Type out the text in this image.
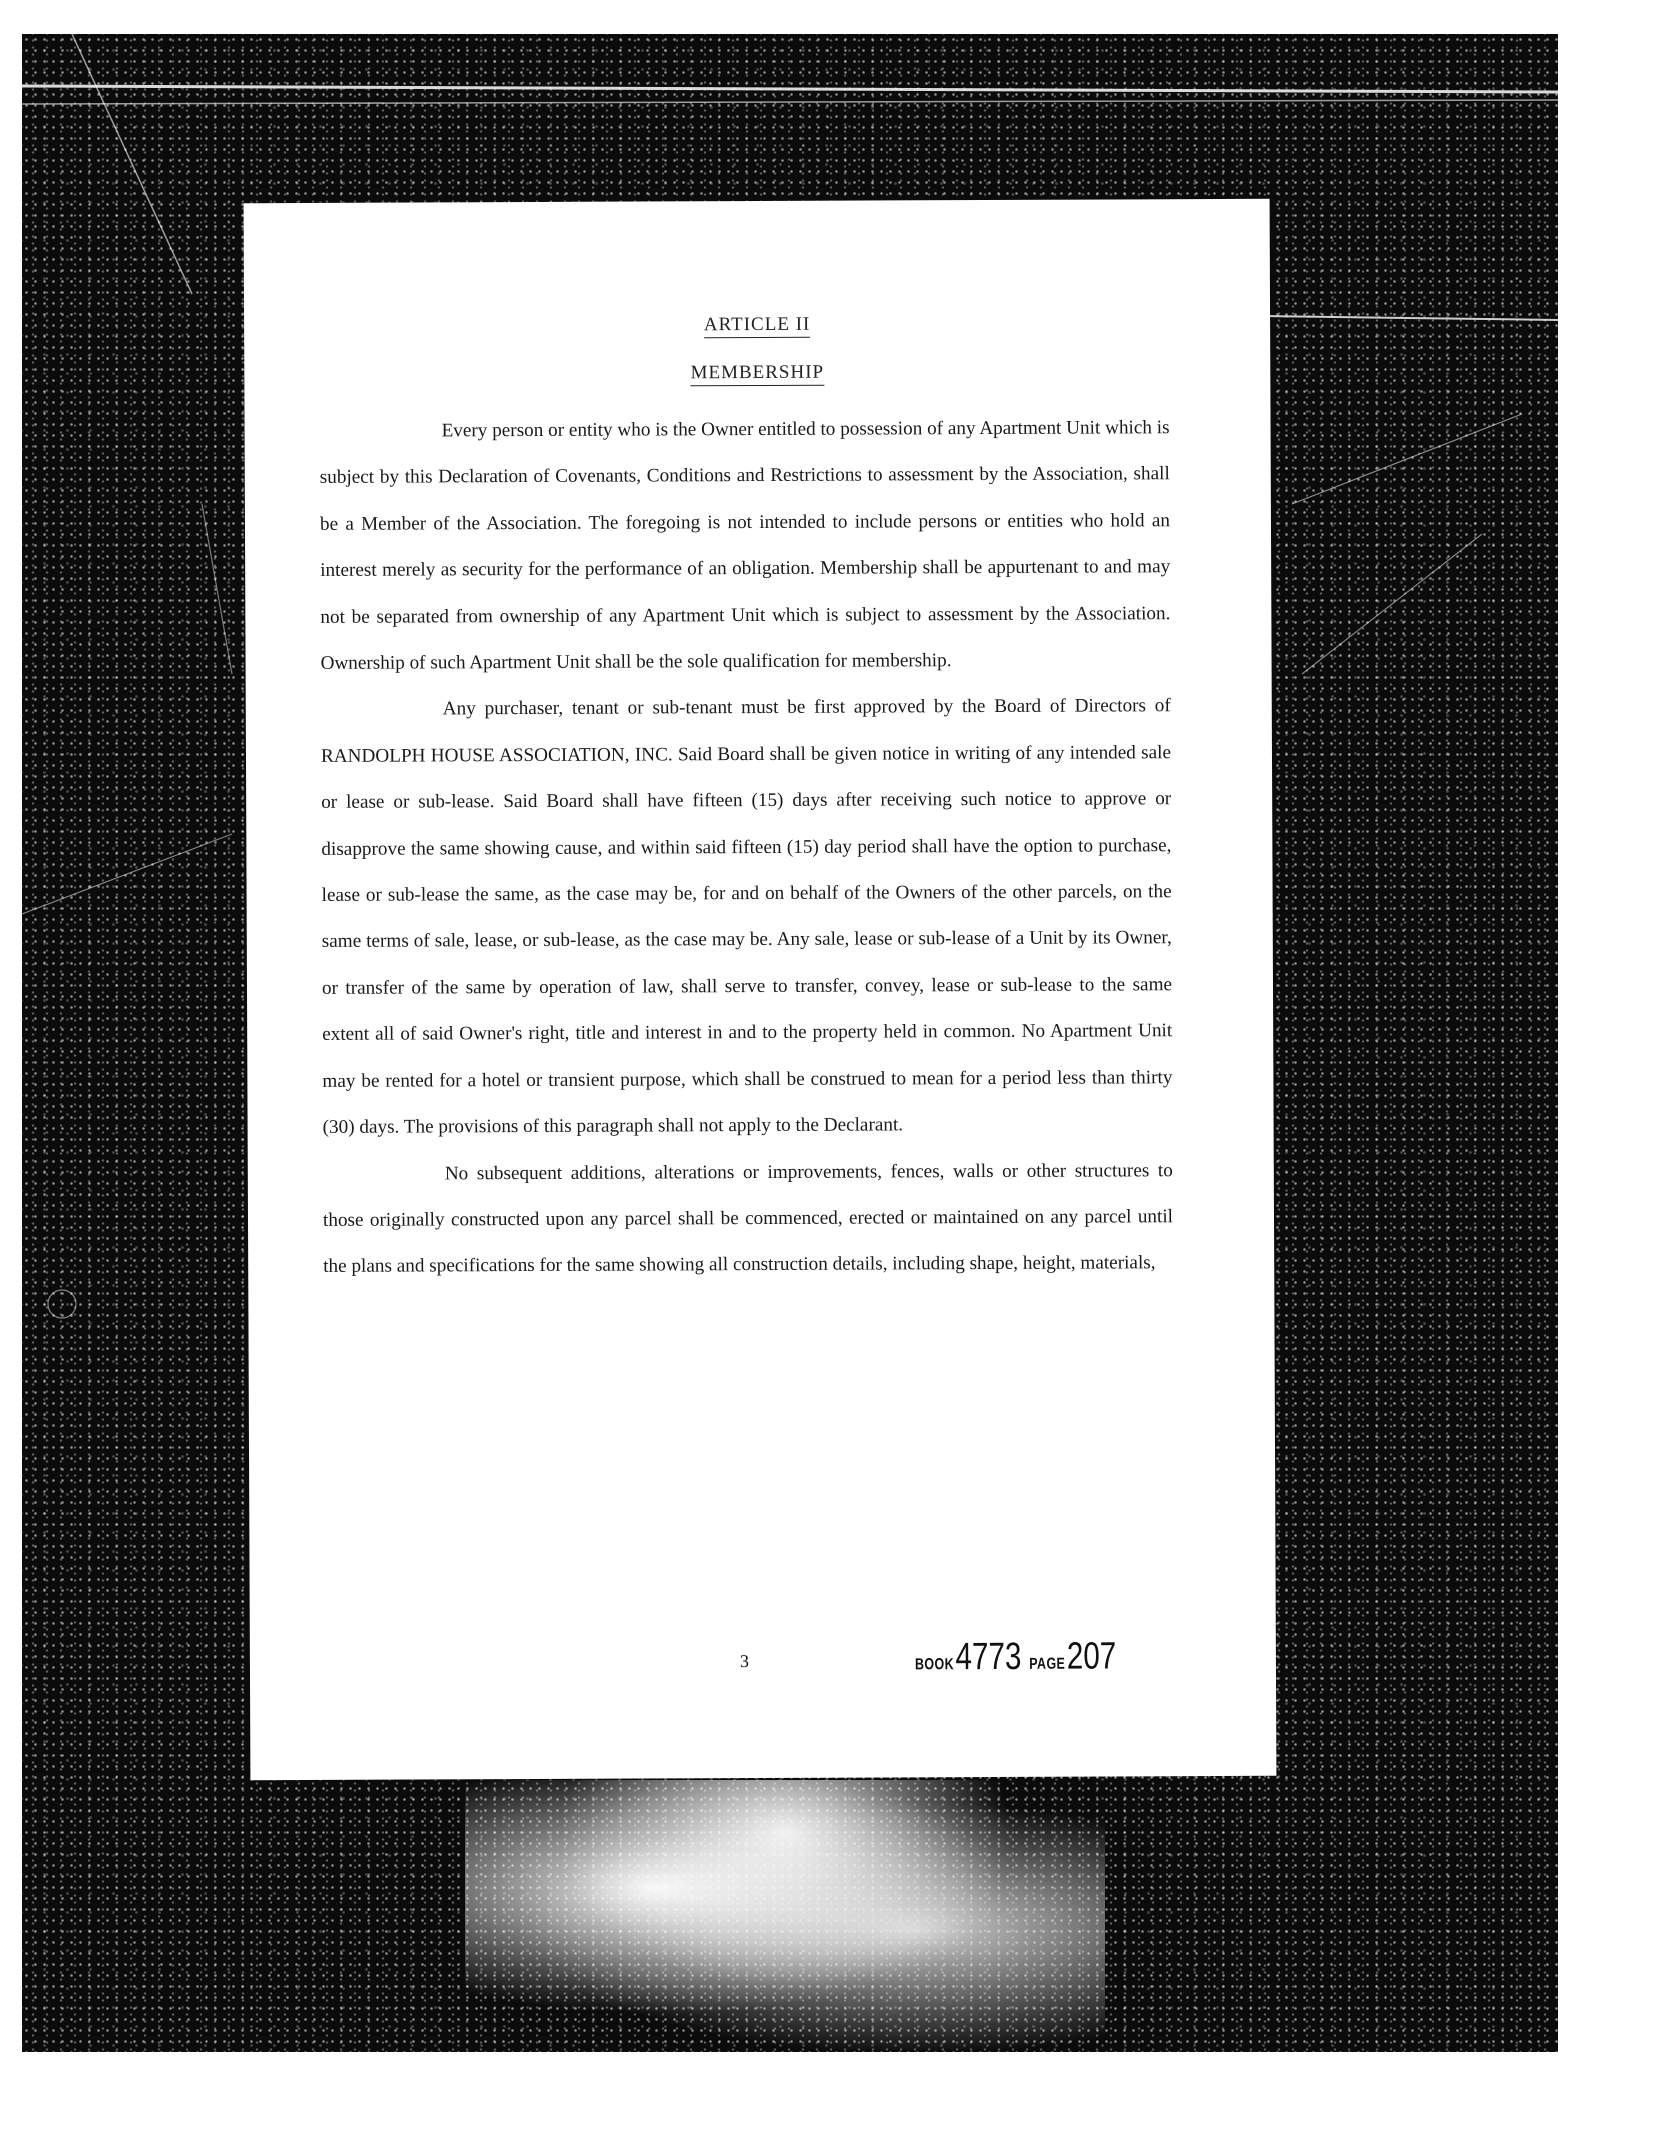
ARTICLE II
MEMBERSHIP

Every person or entity who is the Owner entitled to possession of any Apartment Unit which is subject by this Declaration of Covenants, Conditions and Restrictions to assessment by the Association, shall be a Member of the Association. The foregoing is not intended to include persons or entities who hold an interest merely as security for the performance of an obligation. Membership shall be appurtenant to and may not be separated from ownership of any Apartment Unit which is subject to assessment by the Association. Ownership of such Apartment Unit shall be the sole qualification for membership.

Any purchaser, tenant or sub-tenant must be first approved by the Board of Directors of RANDOLPH HOUSE ASSOCIATION, INC. Said Board shall be given notice in writing of any intended sale or lease or sub-lease. Said Board shall have fifteen (15) days after receiving such notice to approve or disapprove the same showing cause, and within said fifteen (15) day period shall have the option to purchase, lease or sub-lease the same, as the case may be, for and on behalf of the Owners of the other parcels, on the same terms of sale, lease, or sub-lease, as the case may be. Any sale, lease or sub-lease of a Unit by its Owner, or transfer of the same by operation of law, shall serve to transfer, convey, lease or sub-lease to the same extent all of said Owner's right, title and interest in and to the property held in common. No Apartment Unit may be rented for a hotel or transient purpose, which shall be construed to mean for a period less than thirty (30) days. The provisions of this paragraph shall not apply to the Declarant.

No subsequent additions, alterations or improvements, fences, walls or other structures to those originally constructed upon any parcel shall be commenced, erected or maintained on any parcel until the plans and specifications for the same showing all construction details, including shape, height, materials,

3	BOOK4773 PAGE207
